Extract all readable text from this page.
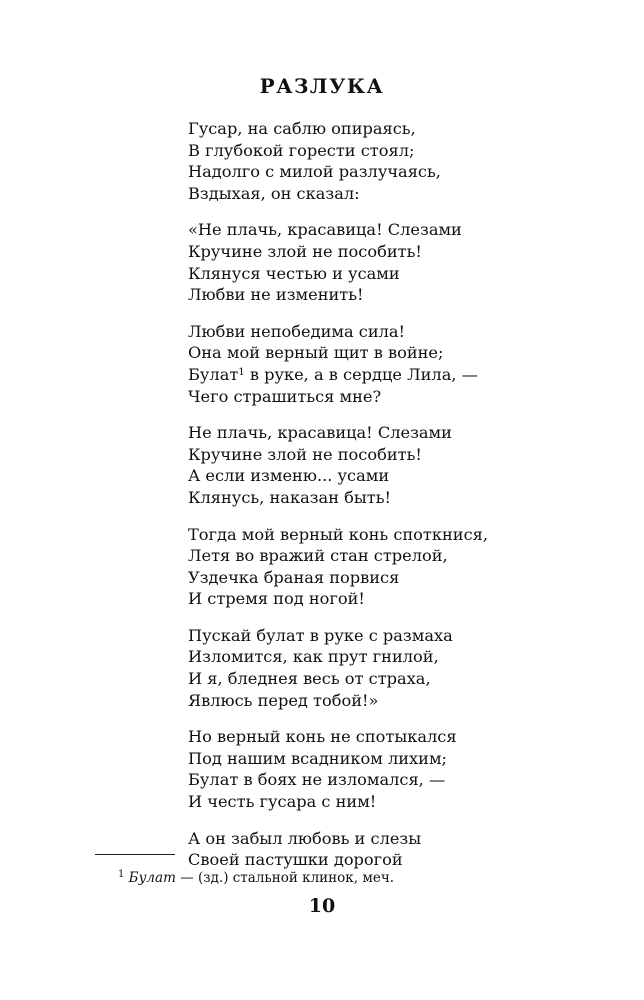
РАЗЛУКА
Гусар, на саблю опираясь,
В глубокой горести стоял;
Надолго с милой разлучаясь,
Вздыхая, он сказал:
«Не плачь, красавица! Слезами
Кручине злой не пособить!
Клянуся честью и усами
Любви не изменить!
Любви непобедима сила!
Она мой верный щит в войне;
Булат$^1$ в руке, а в сердце Лила, —
Чего страшиться мне?
Не плачь, красавица! Слезами
Кручине злой не пособить!
А если изменю... усами
Клянусь, наказан быть!
Тогда мой верный конь споткнися,
Летя во вражий стан стрелой,
Уздечка браная порвися
И стремя под ногой!
Пускай булат в руке с размаха
Изломится, как прут гнилой,
И я, бледнея весь от страха,
Явлюсь перед тобой!»
Но верный конь не спотыкался
Под нашим всадником лихим;
Булат в боях не изломался, —
И честь гусара с ним!
А он забыл любовь и слезы
Своей пастушки дорогой
$^1$ Булат — (зд.) стальной клинок, меч.
10
